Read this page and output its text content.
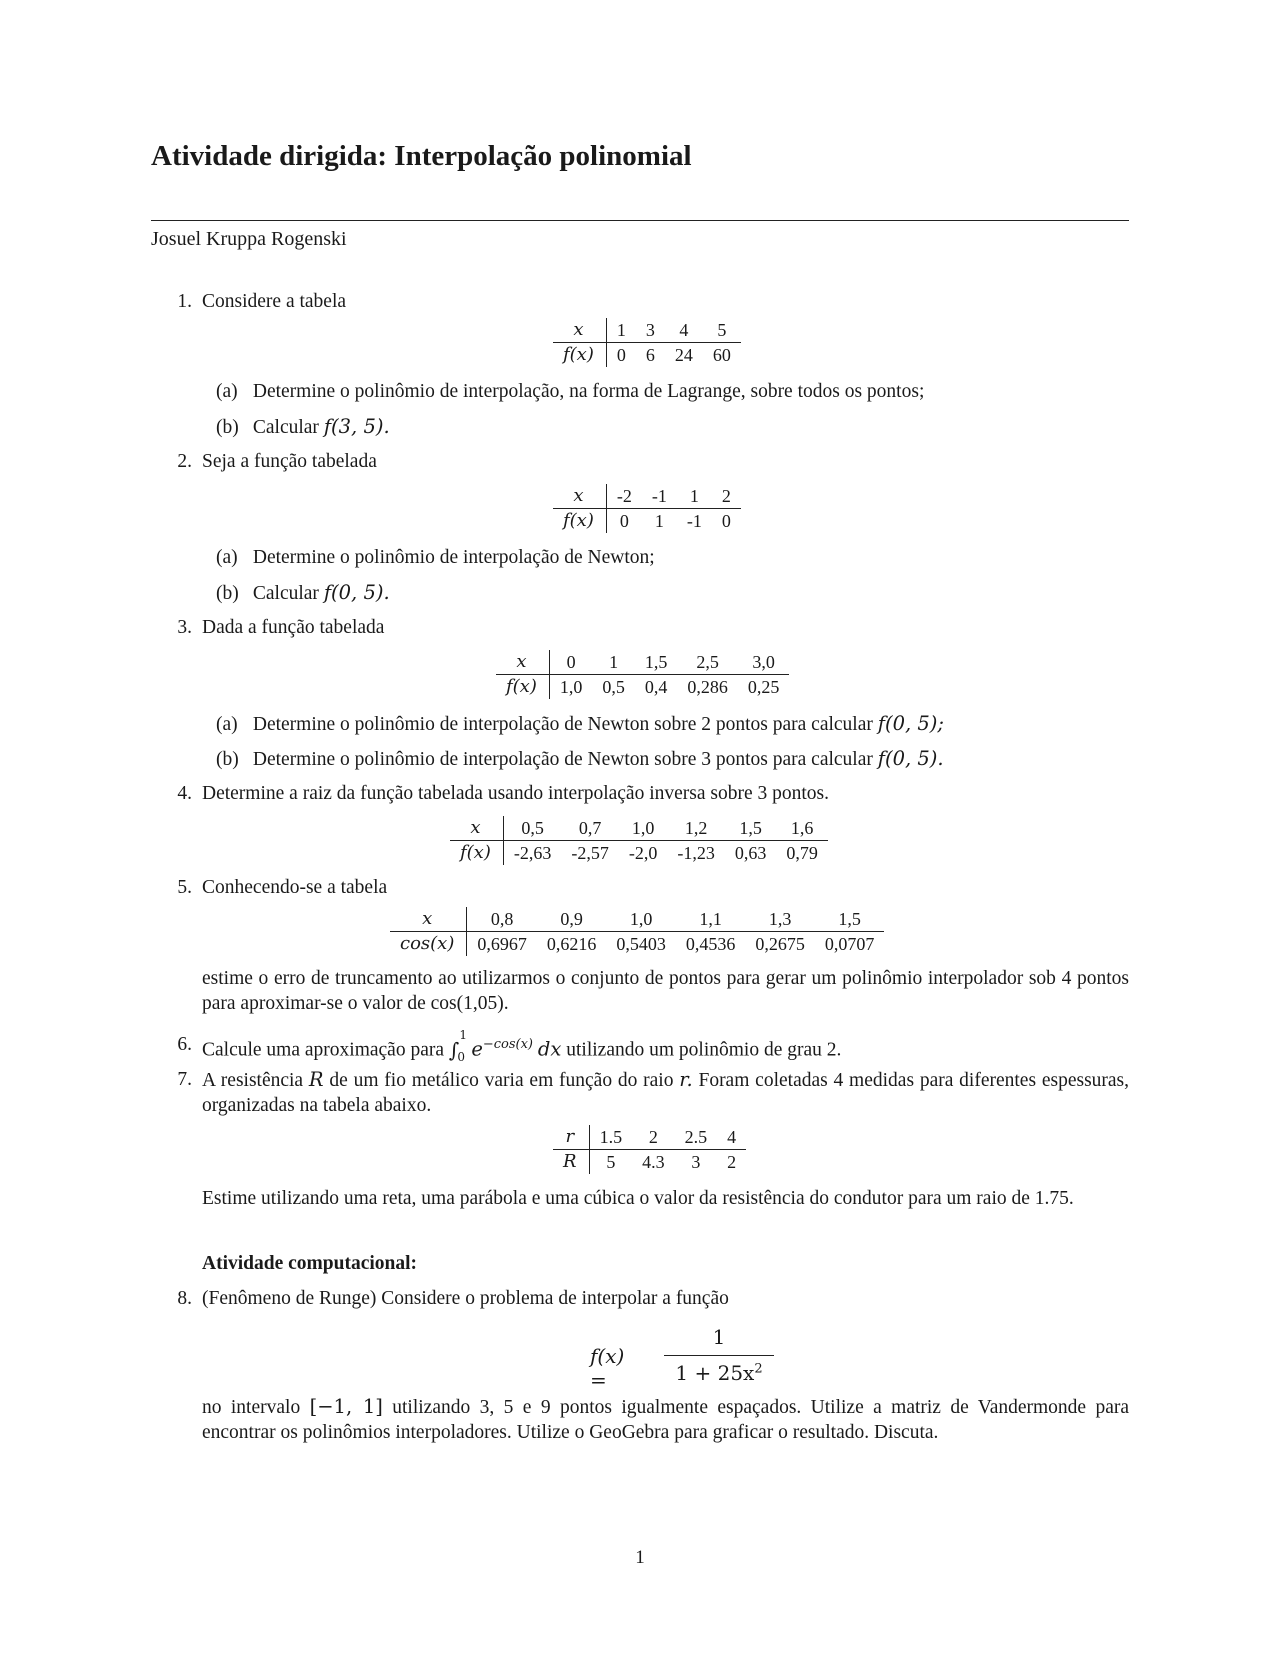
Atividade dirigida: Interpolação polinomial
Josuel Kruppa Rogenski
1. Considere a tabela
x	1	3	4	5
f(x)	0	6	24	60
(a) Determine o polinômio de interpolação, na forma de Lagrange, sobre todos os pontos;
(b) Calcular f(3, 5).
2. Seja a função tabelada
x	-2	-1	1	2
f(x)	0	1	-1	0
(a) Determine o polinômio de interpolação de Newton;
(b) Calcular f(0, 5).
3. Dada a função tabelada
x	0	1	1,5	2,5	3,0
f(x)	1,0	0,5	0,4	0,286	0,25
(a) Determine o polinômio de interpolação de Newton sobre 2 pontos para calcular f(0, 5);
(b) Determine o polinômio de interpolação de Newton sobre 3 pontos para calcular f(0, 5).
4. Determine a raiz da função tabelada usando interpolação inversa sobre 3 pontos.
x	0,5	0,7	1,0	1,2	1,5	1,6
f(x)	-2,63	-2,57	-2,0	-1,23	0,63	0,79
5. Conhecendo-se a tabela
x	0,8	0,9	1,0	1,1	1,3	1,5
cos(x)	0,6967	0,6216	0,5403	0,4536	0,2675	0,0707
estime o erro de truncamento ao utilizarmos o conjunto de pontos para gerar um polinômio interpolador sob 4 pontos para aproximar-se o valor de cos(1,05).
6. Calcule uma aproximação para ∫
1
0 $e^{-cos(x)}$ dx utilizando um polinômio de grau 2.
7. A resistência R de um fio metálico varia em função do raio r. Foram coletadas 4 medidas para diferentes espessuras, organizadas na tabela abaixo.
r	1.5	2	2.5	4
R	5	4.3	3	2
Estime utilizando uma reta, uma parábola e uma cúbica o valor da resistência do condutor para um raio de 1.75.
Atividade computacional:
8. (Fenômeno de Runge) Considere o problema de interpolar a função
f(x) =
1
$1 + 25x^2$
no intervalo [−1, 1] utilizando 3, 5 e 9 pontos igualmente espaçados. Utilize a matriz de Vandermonde para encontrar os polinômios interpoladores. Utilize o GeoGebra para graficar o resultado. Discuta.
1
